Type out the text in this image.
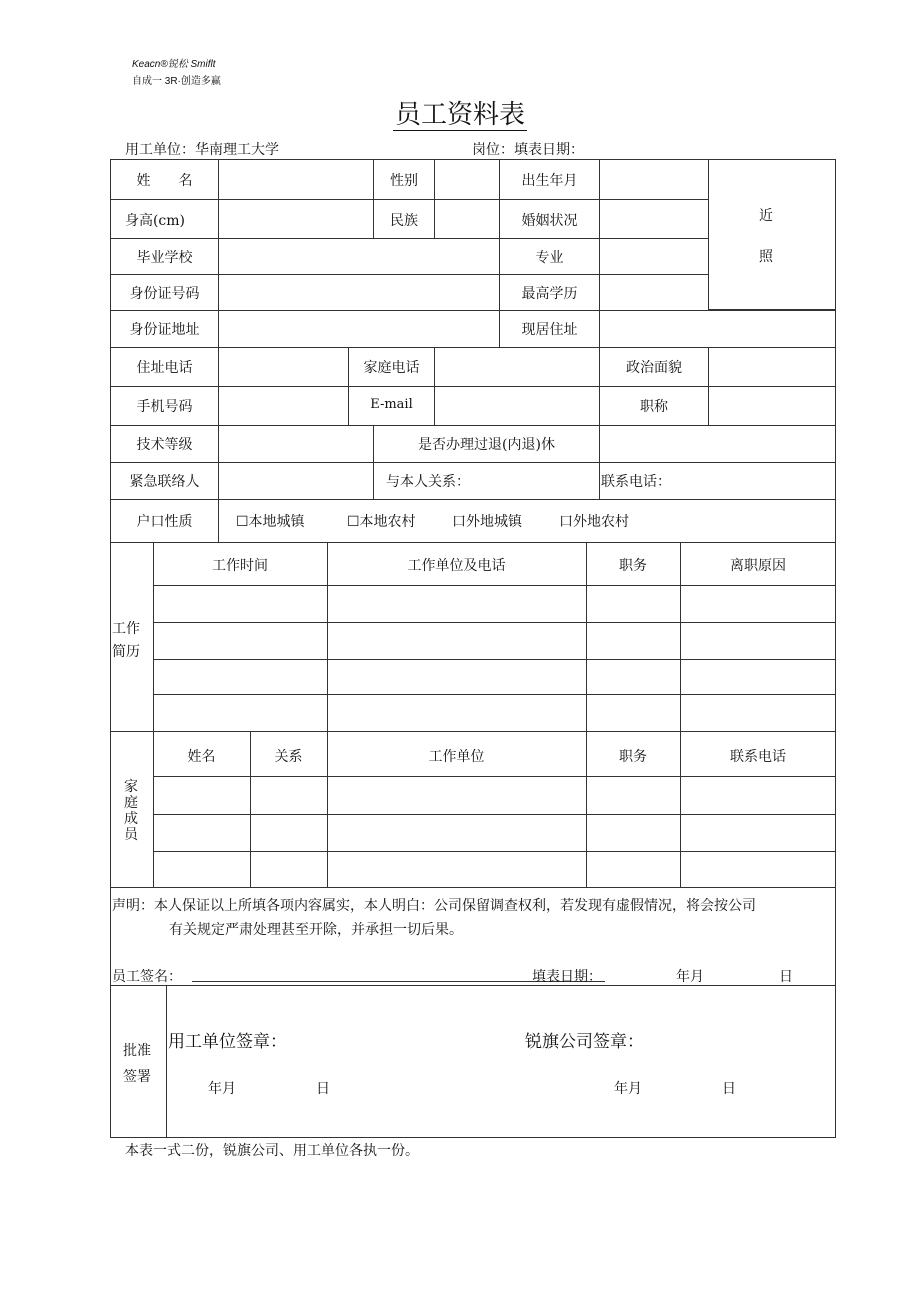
Keacn®锐松 Smiflt
自成一 3R·创造多赢
员工资料表
用工单位：华南理工大学	岗位：填表日期：
姓　　名	性别	出生年月
近
照
身高(cm)	民族	婚姻状况
毕业学校	专业
身份证号码	最高学历
身份证地址	现居住址
住址电话	家庭电话	政治面貌
手机号码	E-mail	职称
技术等级	是否办理过退(内退)休
紧急联络人	与本人关系：	联系电话：
户口性质	☐本地城镇	☐本地农村	口外地城镇	口外地农村
工作
简历
工作时间	工作单位及电话	职务	离职原因
家
庭
成
员
姓名	关系	工作单位	职务	联系电话
声明：本人保证以上所填各项内容属实，本人明白：公司保留调查权利，若发现有虚假情况，将会按公司
有关规定严肃处理甚至开除，并承担一切后果。
员工签名：	填表日期：	年月	日
批准
签署
用工单位签章：	锐旗公司签章：
年月	日	年月	日
本表一式二份，锐旗公司、用工单位各执一份。
